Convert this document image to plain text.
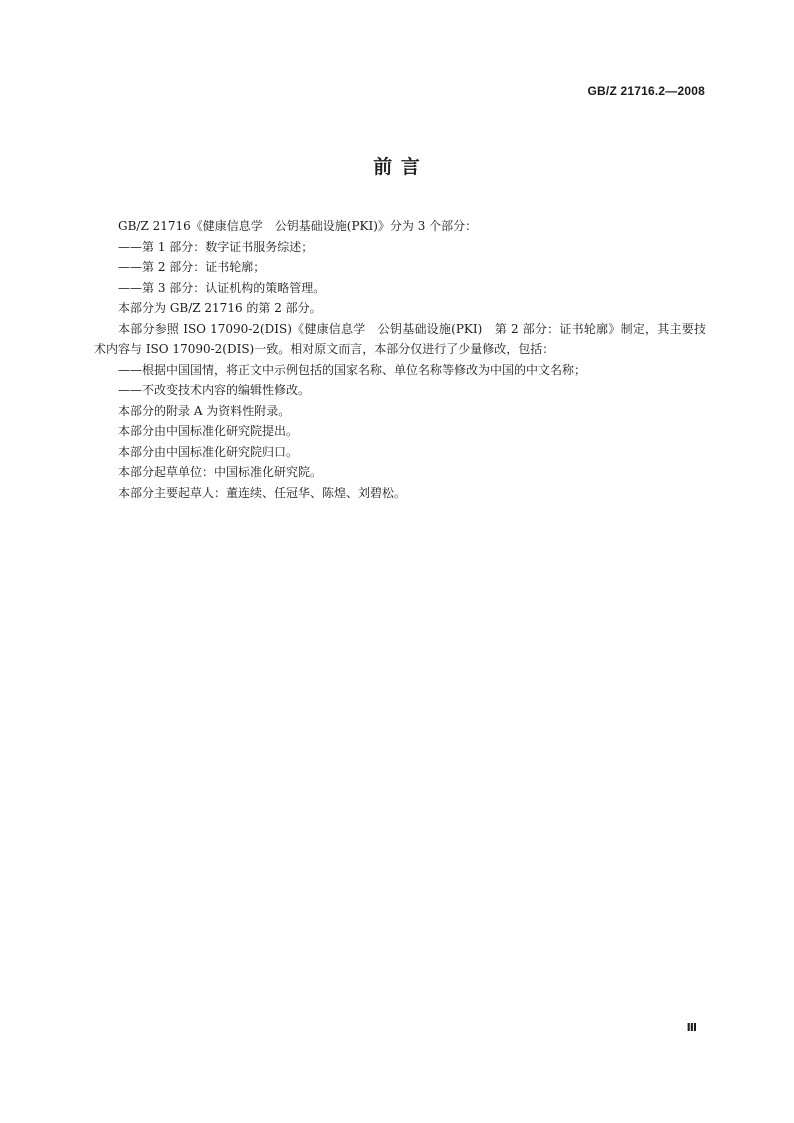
GB/Z 21716.2—2008
前 言

GB/Z 21716《健康信息学　公钥基础设施(PKI)》分为 3 个部分：

——第 1 部分：数字证书服务综述；

——第 2 部分：证书轮廓；

——第 3 部分：认证机构的策略管理。

本部分为 GB/Z 21716 的第 2 部分。

本部分参照 ISO 17090-2(DIS)《健康信息学　公钥基础设施(PKI)　第 2 部分：证书轮廓》制定，其主要技术内容与 ISO 17090-2(DIS)一致。相对原文而言，本部分仅进行了少量修改，包括：

——根据中国国情，将正文中示例包括的国家名称、单位名称等修改为中国的中文名称；

——不改变技术内容的编辑性修改。

本部分的附录 A 为资料性附录。

本部分由中国标准化研究院提出。

本部分由中国标准化研究院归口。

本部分起草单位：中国标准化研究院。

本部分主要起草人：董连续、任冠华、陈煌、刘碧松。

Ⅲ
